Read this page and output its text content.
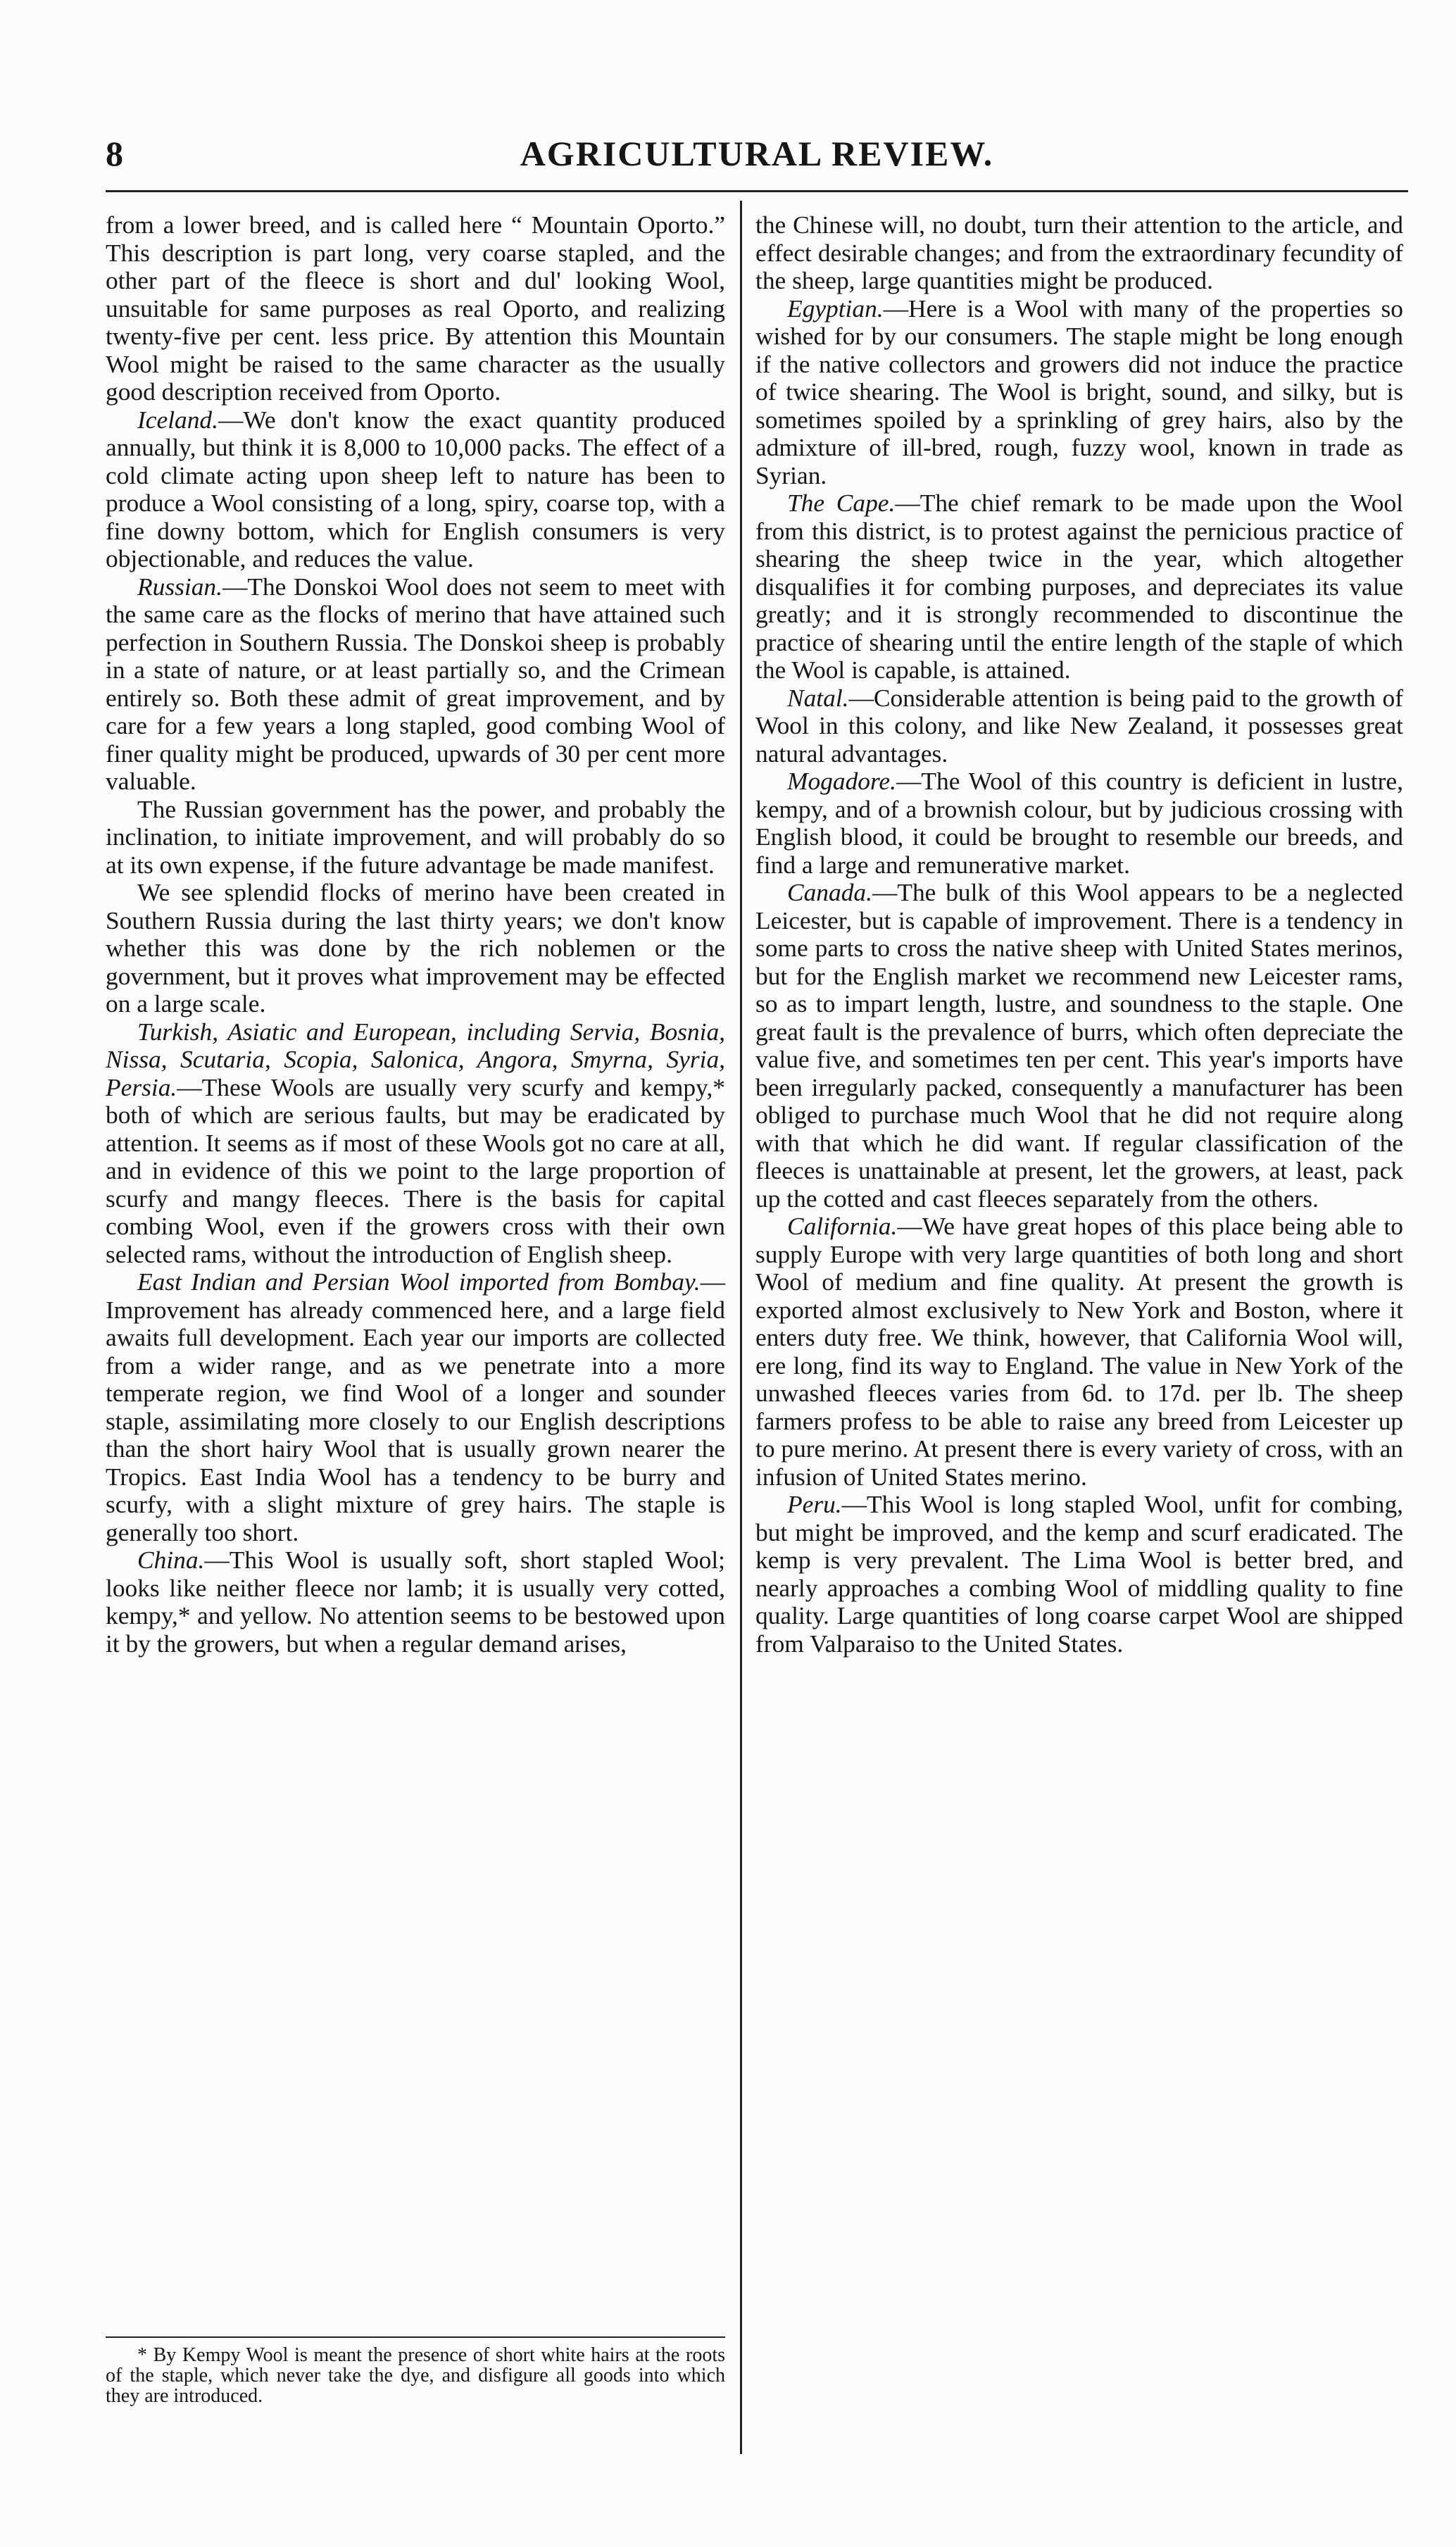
8	AGRICULTURAL REVIEW.

from a lower breed, and is called here “ Mountain Oporto.” This description is part long, very coarse stapled, and the other part of the fleece is short and dul' looking Wool, unsuitable for same purposes as real Oporto, and realizing twenty-five per cent. less price. By attention this Mountain Wool might be raised to the same character as the usually good description received from Oporto.

Iceland.—We don't know the exact quantity produced annually, but think it is 8,000 to 10,000 packs. The effect of a cold climate acting upon sheep left to nature has been to produce a Wool consisting of a long, spiry, coarse top, with a fine downy bottom, which for English consumers is very objectionable, and reduces the value.

Russian.—The Donskoi Wool does not seem to meet with the same care as the flocks of merino that have attained such perfection in Southern Russia. The Donskoi sheep is probably in a state of nature, or at least partially so, and the Crimean entirely so. Both these admit of great improvement, and by care for a few years a long stapled, good combing Wool of finer quality might be produced, upwards of 30 per cent more valuable.

The Russian government has the power, and probably the inclination, to initiate improvement, and will probably do so at its own expense, if the future advantage be made manifest.

We see splendid flocks of merino have been created in Southern Russia during the last thirty years; we don't know whether this was done by the rich noblemen or the government, but it proves what improvement may be effected on a large scale.

Turkish, Asiatic and European, including Servia, Bosnia, Nissa, Scutaria, Scopia, Salonica, Angora, Smyrna, Syria, Persia.—These Wools are usually very scurfy and kempy,* both of which are serious faults, but may be eradicated by attention. It seems as if most of these Wools got no care at all, and in evidence of this we point to the large proportion of scurfy and mangy fleeces. There is the basis for capital combing Wool, even if the growers cross with their own selected rams, without the introduction of English sheep.

East Indian and Persian Wool imported from Bombay.—Improvement has already commenced here, and a large field awaits full development. Each year our imports are collected from a wider range, and as we penetrate into a more temperate region, we find Wool of a longer and sounder staple, assimilating more closely to our English descriptions than the short hairy Wool that is usually grown nearer the Tropics. East India Wool has a tendency to be burry and scurfy, with a slight mixture of grey hairs. The staple is generally too short.

China.—This Wool is usually soft, short stapled Wool; looks like neither fleece nor lamb; it is usually very cotted, kempy,* and yellow. No attention seems to be bestowed upon it by the growers, but when a regular demand arises,

* By Kempy Wool is meant the presence of short white hairs at the roots of the staple, which never take the dye, and disfigure all goods into which they are introduced.

the Chinese will, no doubt, turn their attention to the article, and effect desirable changes; and from the extraordinary fecundity of the sheep, large quantities might be produced.

Egyptian.—Here is a Wool with many of the properties so wished for by our consumers. The staple might be long enough if the native collectors and growers did not induce the practice of twice shearing. The Wool is bright, sound, and silky, but is sometimes spoiled by a sprinkling of grey hairs, also by the admixture of ill-bred, rough, fuzzy wool, known in trade as Syrian.

The Cape.—The chief remark to be made upon the Wool from this district, is to protest against the pernicious practice of shearing the sheep twice in the year, which altogether disqualifies it for combing purposes, and depreciates its value greatly; and it is strongly recommended to discontinue the practice of shearing until the entire length of the staple of which the Wool is capable, is attained.

Natal.—Considerable attention is being paid to the growth of Wool in this colony, and like New Zealand, it possesses great natural advantages.

Mogadore.—The Wool of this country is deficient in lustre, kempy, and of a brownish colour, but by judicious crossing with English blood, it could be brought to resemble our breeds, and find a large and remunerative market.

Canada.—The bulk of this Wool appears to be a neglected Leicester, but is capable of improvement. There is a tendency in some parts to cross the native sheep with United States merinos, but for the English market we recommend new Leicester rams, so as to impart length, lustre, and soundness to the staple. One great fault is the prevalence of burrs, which often depreciate the value five, and sometimes ten per cent. This year's imports have been irregularly packed, consequently a manufacturer has been obliged to purchase much Wool that he did not require along with that which he did want. If regular classification of the fleeces is unattainable at present, let the growers, at least, pack up the cotted and cast fleeces separately from the others.

California.—We have great hopes of this place being able to supply Europe with very large quantities of both long and short Wool of medium and fine quality. At present the growth is exported almost exclusively to New York and Boston, where it enters duty free. We think, however, that California Wool will, ere long, find its way to England. The value in New York of the unwashed fleeces varies from 6d. to 17d. per lb. The sheep farmers profess to be able to raise any breed from Leicester up to pure merino. At present there is every variety of cross, with an infusion of United States merino.

Peru.—This Wool is long stapled Wool, unfit for combing, but might be improved, and the kemp and scurf eradicated. The kemp is very prevalent. The Lima Wool is better bred, and nearly approaches a combing Wool of middling quality to fine quality. Large quantities of long coarse carpet Wool are shipped from Valparaiso to the United States.
